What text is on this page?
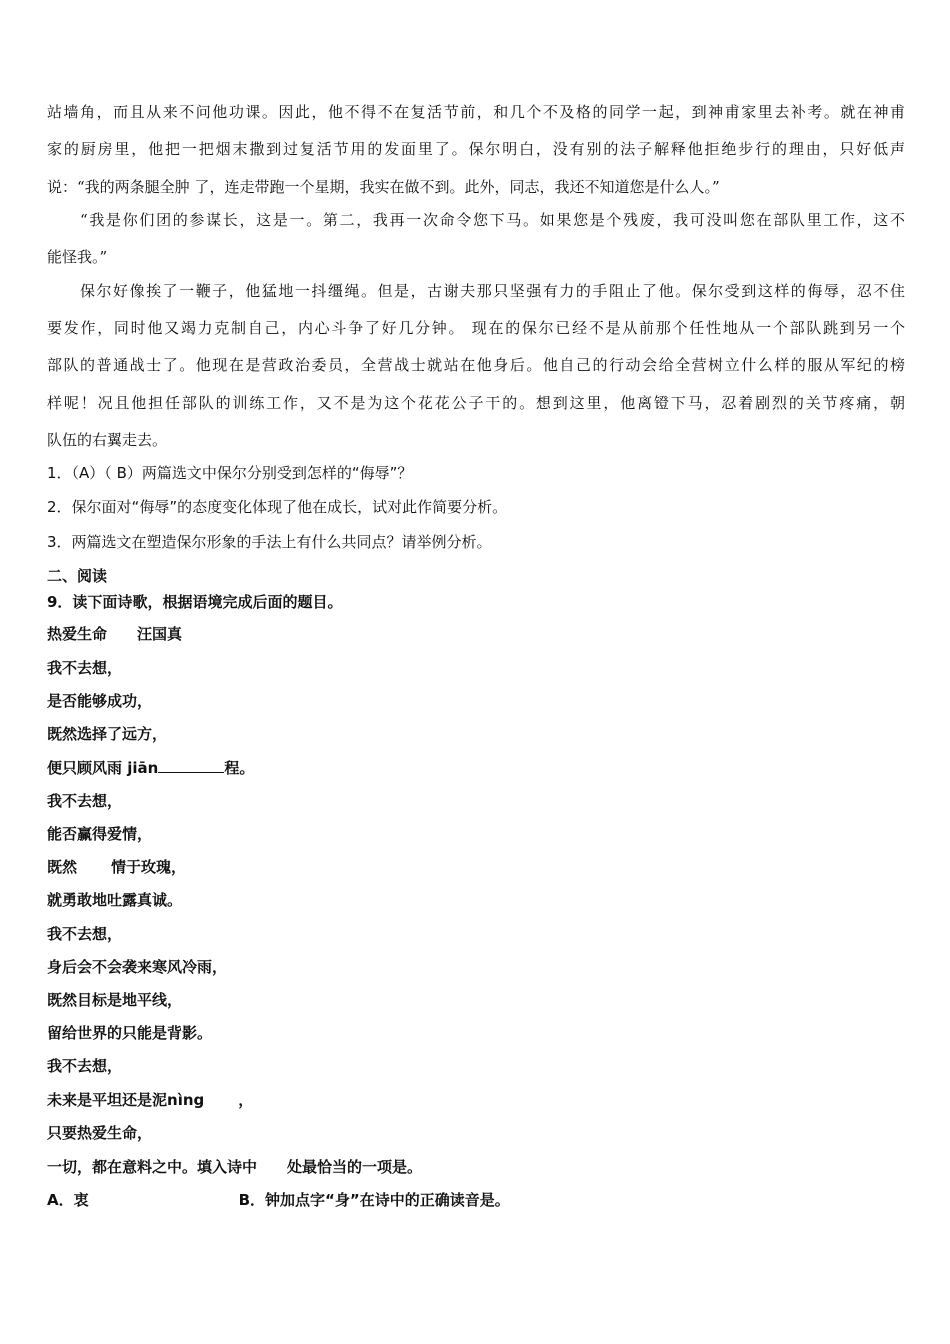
站墙角，而且从来不问他功课。因此，他不得不在复活节前，和几个不及格的同学一起，到神甫家里去补考。就在神甫
家的厨房里，他把一把烟末撒到过复活节用的发面里了。保尔明白，没有别的法子解释他拒绝步行的理由，只好低声
说：“我的两条腿全肿 了，连走带跑一个星期，我实在做不到。此外，同志，我还不知道您是什么人。”
“我是你们团的参谋长，这是一。第二，我再一次命令您下马。如果您是个残废，我可没叫您在部队里工作，这不
能怪我。”
保尔好像挨了一鞭子，他猛地一抖缰绳。但是，古谢夫那只坚强有力的手阻止了他。保尔受到这样的侮辱，忍不住
要发作，同时他又竭力克制自己，内心斗争了好几分钟。 现在的保尔已经不是从前那个任性地从一个部队跳到另一个
部队的普通战士了。他现在是营政治委员，全营战士就站在他身后。他自己的行动会给全营树立什么样的服从军纪的榜
样呢！况且他担任部队的训练工作，又不是为这个花花公子干的。想到这里，他离镫下马，忍着剧烈的关节疼痛，朝
队伍的右翼走去。
1．（A）（ B）两篇选文中保尔分别受到怎样的“侮辱”？
2．保尔面对“侮辱”的态度变化体现了他在成长，试对此作简要分析。
3．两篇选文在塑造保尔形象的手法上有什么共同点？请举例分析。
二、阅读
9．读下面诗歌，根据语境完成后面的题目。
热爱生命 汪国真
我不去想，
是否能够成功，
既然选择了远方，
便只顾风雨 jiān	程。
我不去想，
能否赢得爱情，
既然 情于玫瑰，
就勇敢地吐露真诚。
我不去想，
身后会不会袭来寒风冷雨，
既然目标是地平线，
留给世界的只能是背影。
我不去想，
未来是平坦还是泥nìng ，
只要热爱生命，
一切，都在意料之中。填入诗中 处最恰当的一项是。
A．衷	B．钟加点字“身”在诗中的正确读音是。
